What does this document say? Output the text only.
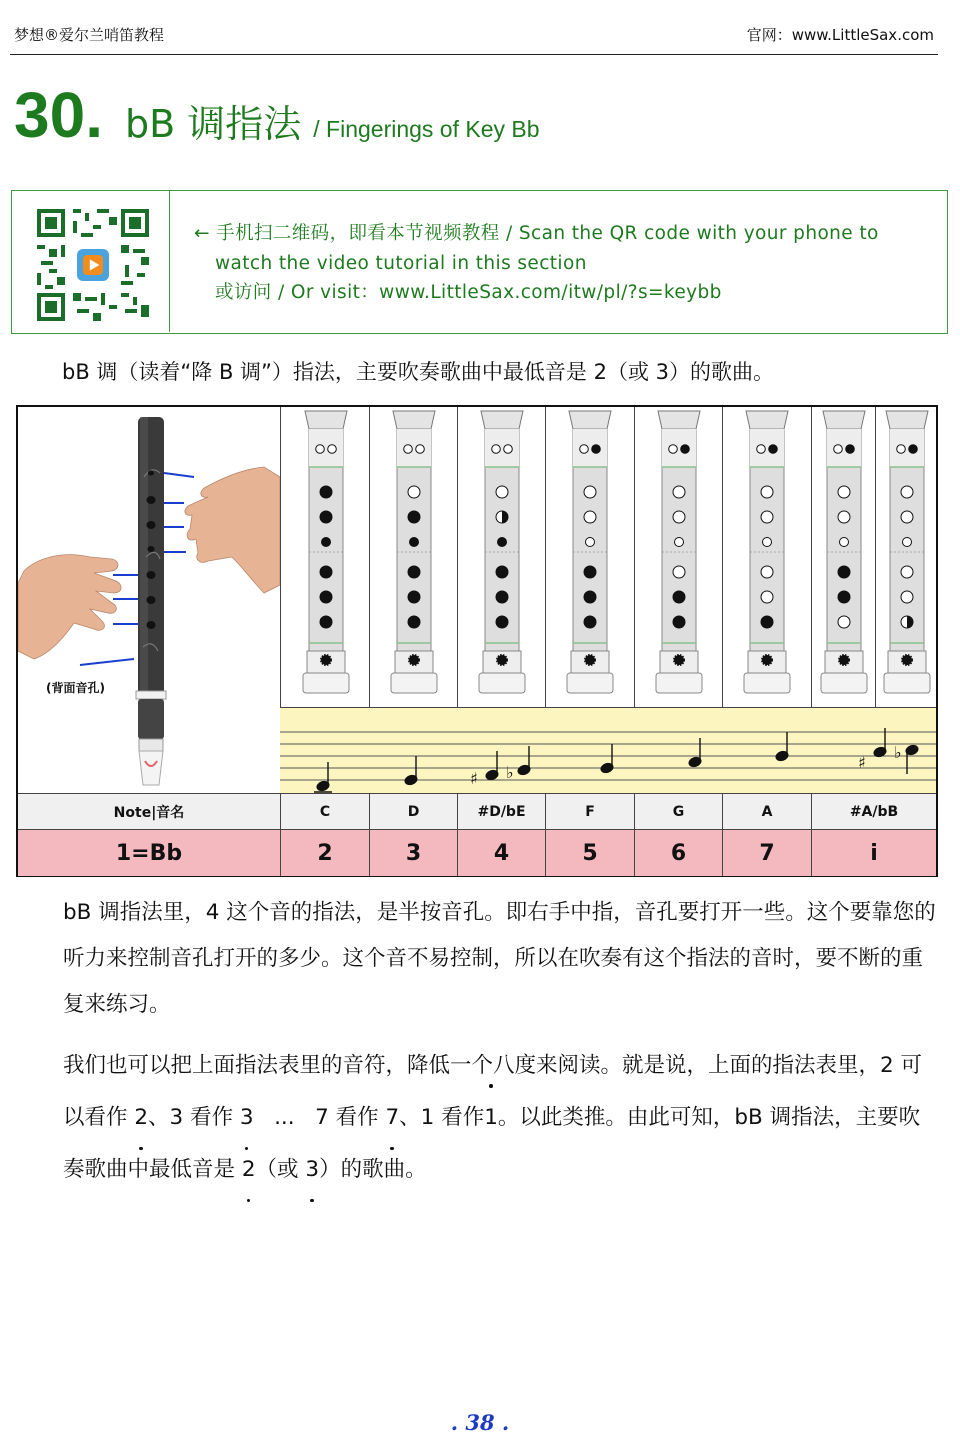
梦想®爱尔兰哨笛教程	官网：www.LittleSax.com
30. bB 调指法 / Fingerings of Key Bb
← 手机扫二维码，即看本节视频教程 / Scan the QR code with your phone to
watch the video tutorial in this section
或访问 / Or visit：www.LittleSax.com/itw/pl/?s=keybb
bB 调（读着“降 B 调”）指法，主要吹奏歌曲中最低音是 2（或 3）的歌曲。
(背面音孔)
♯ ♭
♯
♭
Note|音名	C	D	#D/bE	F	G	A	#A/bB
1=Bb	2	3	4	5	6	7	i

bB 调指法里，4 这个音的指法，是半按音孔。即右手中指，音孔要打开一些。这个要靠您的听力来控制音孔打开的多少。这个音不易控制，所以在吹奏有这个指法的音时，要不断的重复来练习。

我们也可以把上面指法表里的音符，降低一个八度来阅读。就是说，上面的指法表里，2 可以看作 2、3 看作 3   ...   7 看作 7、1 看作1。以此类推。由此可知，bB 调指法，主要吹奏歌曲中最低音是 2（或 3）的歌曲。

. 38 .
